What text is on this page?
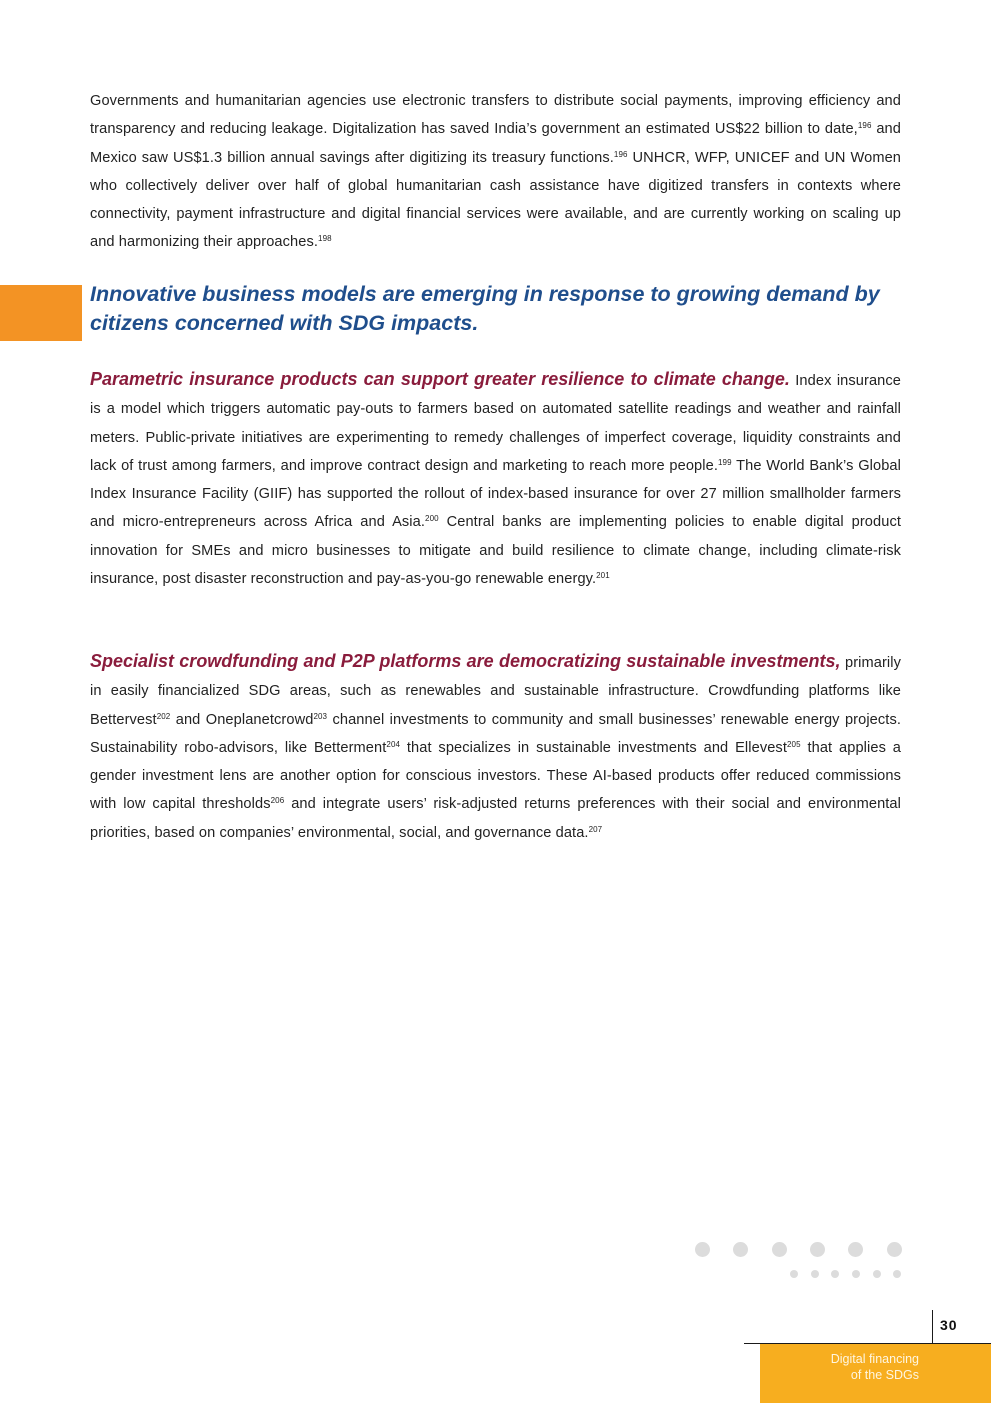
Governments and humanitarian agencies use electronic transfers to distribute social payments, improving efficiency and transparency and reducing leakage. Digitalization has saved India’s government an estimated US$22 billion to date,$^{196}$ and Mexico saw US$1.3 billion annual savings after digitizing its treasury functions.$^{196}$ UNHCR, WFP, UNICEF and UN Women who collectively deliver over half of global humanitarian cash assistance have digitized transfers in contexts where connectivity, payment infrastructure and digital financial services were available, and are currently working on scaling up and harmonizing their approaches.$^{198}$

Innovative business models are emerging in response to growing demand by citizens concerned with SDG impacts.

Parametric insurance products can support greater resilience to climate change. Index insurance is a model which triggers automatic pay-outs to farmers based on automated satellite readings and weather and rainfall meters. Public-private initiatives are experimenting to remedy challenges of imperfect coverage, liquidity constraints and lack of trust among farmers, and improve contract design and marketing to reach more people.$^{199}$ The World Bank’s Global Index Insurance Facility (GIIF) has supported the rollout of index-based insurance for over 27 million smallholder farmers and micro-entrepreneurs across Africa and Asia.$^{200}$ Central banks are implementing policies to enable digital product innovation for SMEs and micro businesses to mitigate and build resilience to climate change, including climate-risk insurance, post disaster reconstruction and pay-as-you-go renewable energy.$^{201}$

Specialist crowdfunding and P2P platforms are democratizing sustainable investments, primarily in easily financialized SDG areas, such as renewables and sustainable infrastructure. Crowdfunding platforms like Bettervest$^{202}$ and Oneplanetcrowd$^{203}$ channel investments to community and small businesses’ renewable energy projects. Sustainability robo-advisors, like Betterment$^{204}$ that specializes in sustainable investments and Ellevest$^{205}$ that applies a gender investment lens are another option for conscious investors. These AI-based products offer reduced commissions with low capital thresholds$^{206}$ and integrate users’ risk-adjusted returns preferences with their social and environmental priorities, based on companies’ environmental, social, and governance data.$^{207}$

30
Digital financing
of the SDGs
